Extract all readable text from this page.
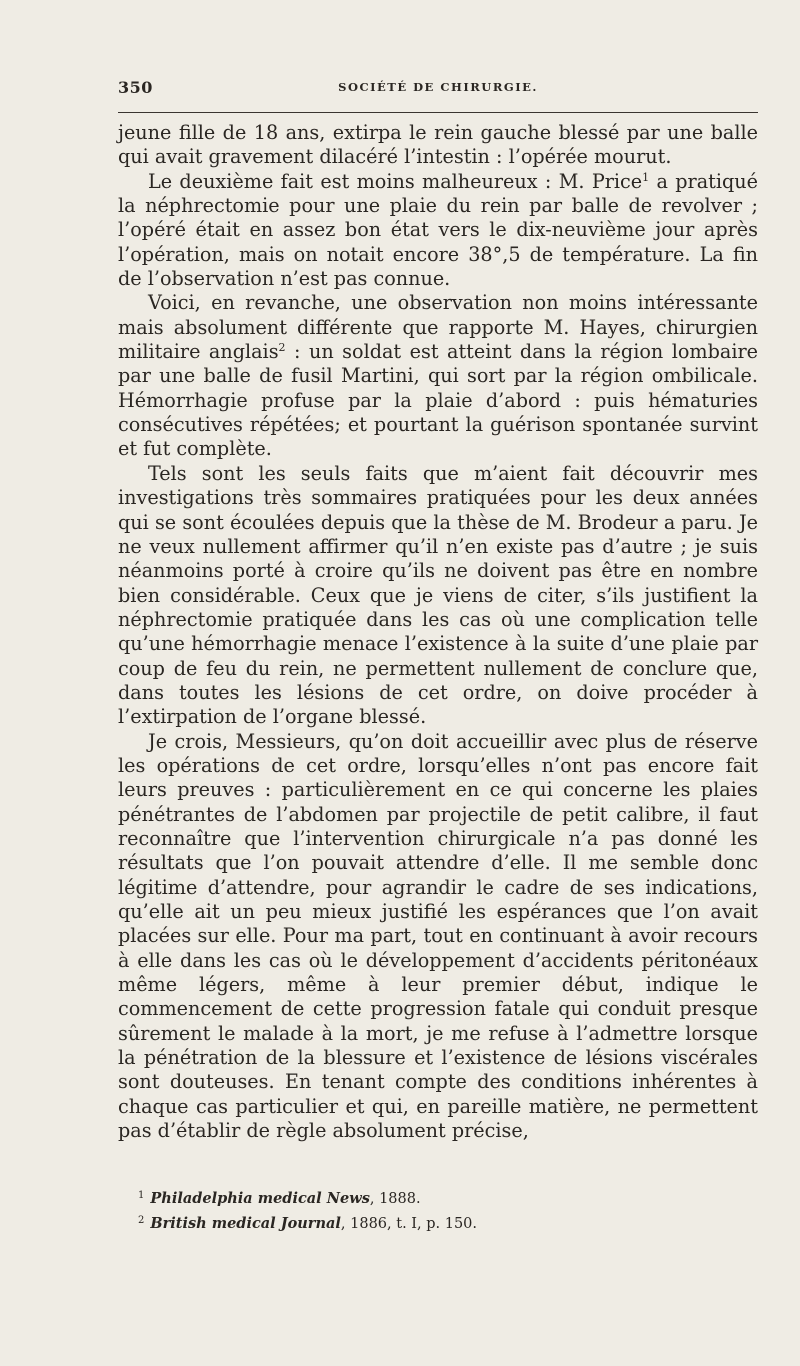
350	SOCIÉTÉ DE CHIRURGIE.

jeune fille de 18 ans, extirpa le rein gauche blessé par une balle qui avait gravement dilacéré l’intestin : l’opérée mourut.

Le deuxième fait est moins malheureux : M. Price$^1$ a pratiqué la néphrectomie pour une plaie du rein par balle de revolver ; l’opéré était en assez bon état vers le dix-neuvième jour après l’opération, mais on notait encore 38°,5 de température. La fin de l’observation n’est pas connue.

Voici, en revanche, une observation non moins intéressante mais absolument différente que rapporte M. Hayes, chirurgien militaire anglais$^2$ : un soldat est atteint dans la région lombaire par une balle de fusil Martini, qui sort par la région ombilicale. Hémorrhagie profuse par la plaie d’abord : puis hématuries consécutives répétées; et pourtant la guérison spontanée survint et fut complète.

Tels sont les seuls faits que m’aient fait découvrir mes investigations très sommaires pratiquées pour les deux années qui se sont écoulées depuis que la thèse de M. Brodeur a paru. Je ne veux nullement affirmer qu’il n’en existe pas d’autre ; je suis néanmoins porté à croire qu’ils ne doivent pas être en nombre bien considérable. Ceux que je viens de citer, s’ils justifient la néphrectomie pratiquée dans les cas où une complication telle qu’une hémorrhagie menace l’existence à la suite d’une plaie par coup de feu du rein, ne permettent nullement de conclure que, dans toutes les lésions de cet ordre, on doive procéder à l’extirpation de l’organe blessé.

Je crois, Messieurs, qu’on doit accueillir avec plus de réserve les opérations de cet ordre, lorsqu’elles n’ont pas encore fait leurs preuves : particulièrement en ce qui concerne les plaies pénétrantes de l’abdomen par projectile de petit calibre, il faut reconnaître que l’intervention chirurgicale n’a pas donné les résultats que l’on pouvait attendre d’elle. Il me semble donc légitime d’attendre, pour agrandir le cadre de ses indications, qu’elle ait un peu mieux justifié les espérances que l’on avait placées sur elle. Pour ma part, tout en continuant à avoir recours à elle dans les cas où le développement d’accidents péritonéaux même légers, même à leur premier début, indique le commencement de cette progression fatale qui conduit presque sûrement le malade à la mort, je me refuse à l’admettre lorsque la pénétration de la blessure et l’existence de lésions viscérales sont douteuses. En tenant compte des conditions inhérentes à chaque cas particulier et qui, en pareille matière, ne permettent pas d’établir de règle absolument précise,

$^1$ Philadelphia medical News, 1888.

$^2$ British medical Journal, 1886, t. I, p. 150.
